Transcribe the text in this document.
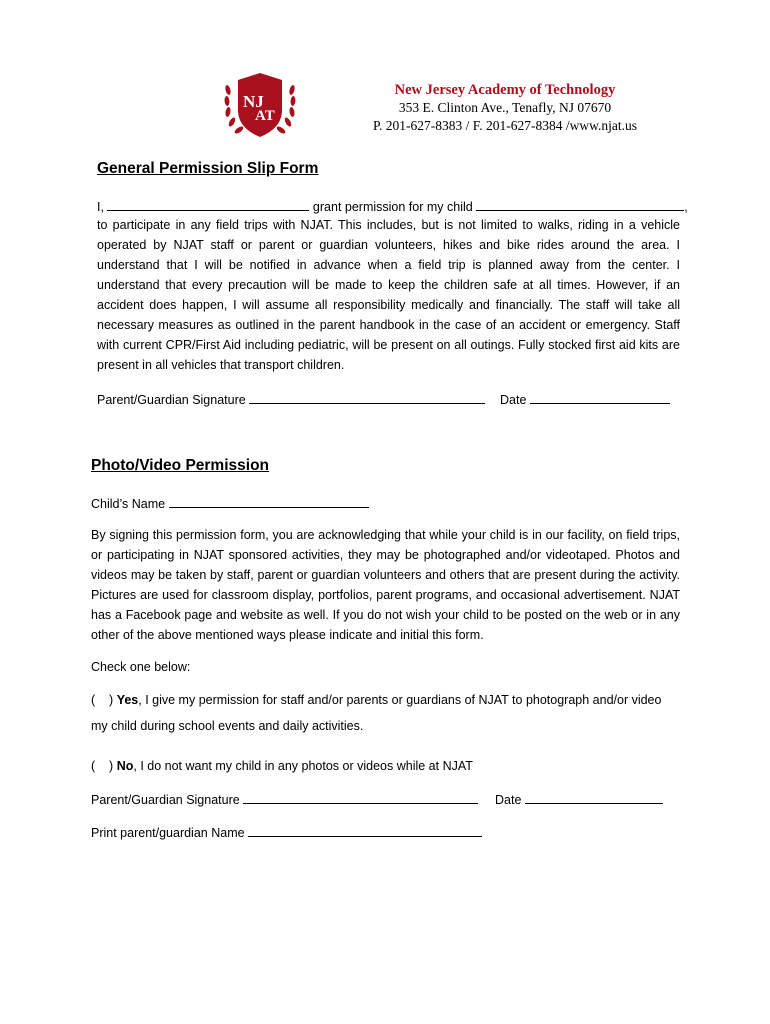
NJ
AT
New Jersey Academy of Technology
353 E. Clinton Ave., Tenafly, NJ 07670
P. 201-627-8383 / F. 201-627-8384 /www.njat.us
General Permission Slip Form
I,	grant permission for my child	,

to participate in any field trips with NJAT. This includes, but is not limited to walks, riding in a vehicle operated by NJAT staff or parent or guardian volunteers, hikes and bike rides around the area. I understand that I will be notified in advance when a field trip is planned away from the center. I understand that every precaution will be made to keep the children safe at all times. However, if an accident does happen, I will assume all responsibility medically and financially. The staff will take all necessary measures as outlined in the parent handbook in the case of an accident or emergency. Staff with current CPR/First Aid including pediatric, will be present on all outings. Fully stocked first aid kits are present in all vehicles that transport children.

Parent/Guardian Signature	Date
Photo/Video Permission
Child’s Name

By signing this permission form, you are acknowledging that while your child is in our facility, on field trips, or participating in NJAT sponsored activities, they may be photographed and/or videotaped. Photos and videos may be taken by staff, parent or guardian volunteers and others that are present during the activity. Pictures are used for classroom display, portfolios, parent programs, and occasional advertisement. NJAT has a Facebook page and website as well. If you do not wish your child to be posted on the web or in any other of the above mentioned ways please indicate and initial this form.

Check one below:
(    ) Yes, I give my permission for staff and/or parents or guardians of NJAT to photograph and/or video
my child during school events and daily activities.
(    ) No, I do not want my child in any photos or videos while at NJAT
Parent/Guardian Signature	Date
Print parent/guardian Name
